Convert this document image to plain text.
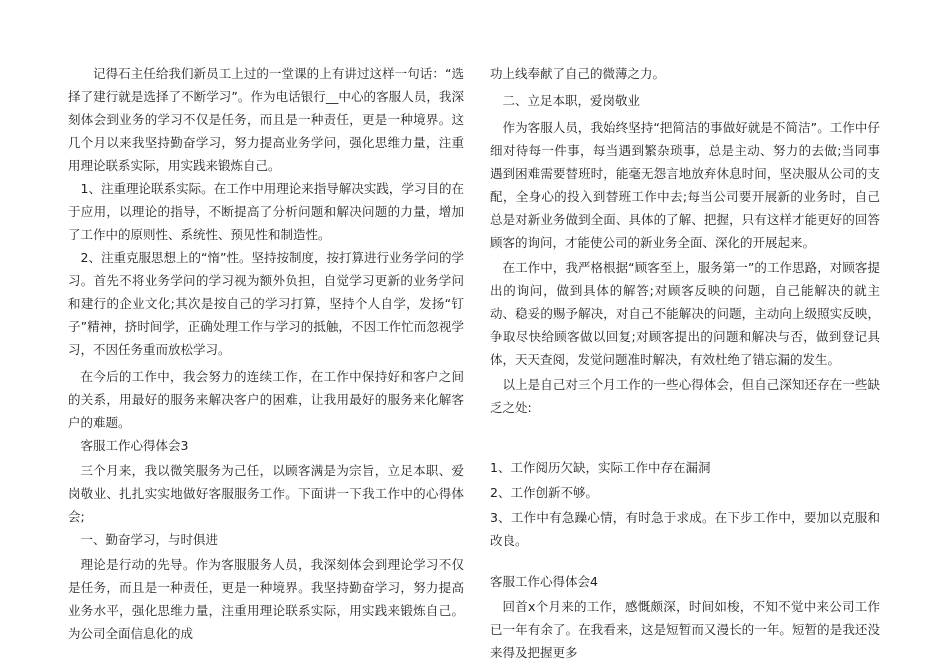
记得石主任给我们新员工上过的一堂课的上有讲过这样一句话：“选择了建行就是选择了不断学习”。作为电话银行__中心的客服人员，我深刻体会到业务的学习不仅是任务，而且是一种责任，更是一种境界。这几个月以来我坚持勤奋学习，努力提高业务学问，强化思维力量，注重用理论联系实际，用实践来锻炼自己。

1、注重理论联系实际。在工作中用理论来指导解决实践，学习目的在于应用，以理论的指导，不断提高了分析问题和解决问题的力量，增加了工作中的原则性、系统性、预见性和制造性。

2、注重克服思想上的“惰”性。坚持按制度，按打算进行业务学问的学习。首先不将业务学问的学习视为额外负担，自觉学习更新的业务学问和建行的企业文化;其次是按自己的学习打算，坚持个人自学，发扬“钉子”精神，挤时间学，正确处理工作与学习的抵触，不因工作忙而忽视学习，不因任务重而放松学习。

在今后的工作中，我会努力的连续工作，在工作中保持好和客户之间的关系，用最好的服务来解决客户的困难，让我用最好的服务来化解客户的难题。

客服工作心得体会3

三个月来，我以微笑服务为己任，以顾客满是为宗旨，立足本职、爱岗敬业、扎扎实实地做好客服服务工作。下面讲一下我工作中的心得体会;

一、勤奋学习，与时俱进

理论是行动的先导。作为客服服务人员，我深刻体会到理论学习不仅是任务，而且是一种责任，更是一种境界。我坚持勤奋学习，努力提高业务水平，强化思维力量，注重用理论联系实际，用实践来锻炼自己。为公司全面信息化的成

功上线奉献了自己的微薄之力。

二、立足本职，爱岗敬业

作为客服人员，我始终坚持“把简洁的事做好就是不简洁”。工作中仔细对待每一件事，每当遇到繁杂琐事，总是主动、努力的去做;当同事遇到困难需要替班时，能毫无怨言地放弃休息时间，坚决服从公司的支配，全身心的投入到替班工作中去;每当公司要开展新的业务时，自己总是对新业务做到全面、具体的了解、把握，只有这样才能更好的回答顾客的询问，才能使公司的新业务全面、深化的开展起来。

在工作中，我严格根据“顾客至上，服务第一”的工作思路，对顾客提出的询问，做到具体的解答;对顾客反映的问题，自己能解决的就主动、稳妥的赐予解决，对自己不能解决的问题，主动向上级照实反映，争取尽快给顾客做以回复;对顾客提出的问题和解决与否，做到登记具体，天天查阅，发觉问题准时解决，有效杜绝了错忘漏的发生。

以上是自己对三个月工作的一些心得体会，但自己深知还存在一些缺乏之处:

1、工作阅历欠缺，实际工作中存在漏洞

2、工作创新不够。

3、工作中有急躁心情，有时急于求成。在下步工作中，要加以克服和改良。

客服工作心得体会4

回首x个月来的工作，感慨颇深，时间如梭，不知不觉中来公司工作已一年有余了。在我看来，这是短暂而又漫长的一年。短暂的是我还没来得及把握更多
